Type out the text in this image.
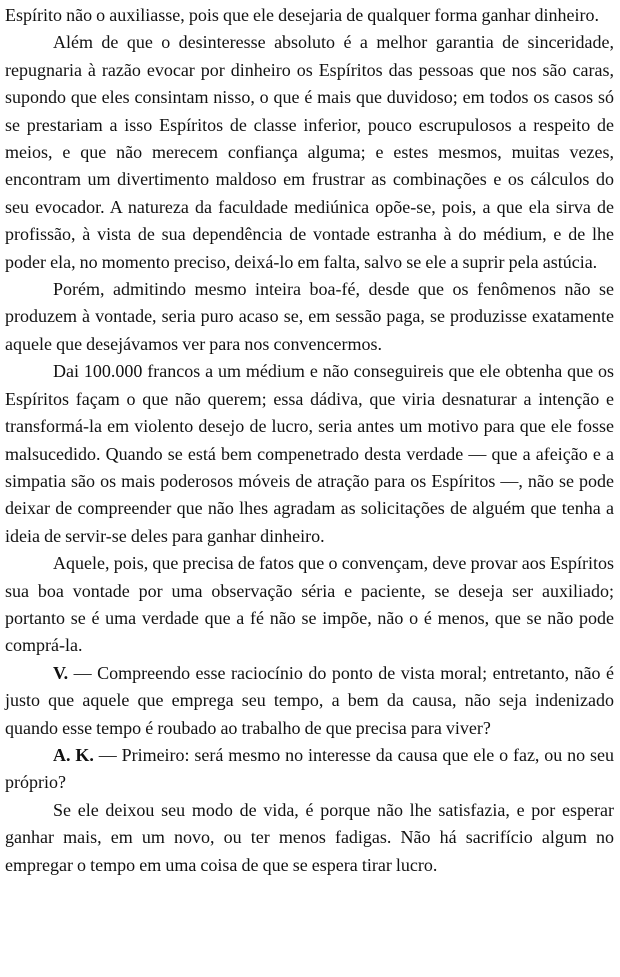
Espírito não o auxiliasse, pois que ele desejaria de qualquer forma ganhar dinheiro.

Além de que o desinteresse absoluto é a melhor garantia de sinceridade, repugnaria à razão evocar por dinheiro os Espíritos das pessoas que nos são caras, supondo que eles consintam nisso, o que é mais que duvidoso; em todos os casos só se prestariam a isso Espíritos de classe inferior, pouco escrupulosos a respeito de meios, e que não merecem confiança alguma; e estes mesmos, muitas vezes, encontram um divertimento maldoso em frustrar as combinações e os cálculos do seu evocador. A natureza da faculdade mediúnica opõe-se, pois, a que ela sirva de profissão, à vista de sua dependência de vontade estranha à do médium, e de lhe poder ela, no momento preciso, deixá-lo em falta, salvo se ele a suprir pela astúcia.

Porém, admitindo mesmo inteira boa-fé, desde que os fenômenos não se produzem à vontade, seria puro acaso se, em sessão paga, se produzisse exatamente aquele que desejávamos ver para nos convencermos.

Dai 100.000 francos a um médium e não conseguireis que ele obtenha que os Espíritos façam o que não querem; essa dádiva, que viria desnaturar a intenção e transformá-la em violento desejo de lucro, seria antes um motivo para que ele fosse malsucedido. Quando se está bem compenetrado desta verdade — que a afeição e a simpatia são os mais poderosos móveis de atração para os Espíritos —, não se pode deixar de compreender que não lhes agradam as solicitações de alguém que tenha a ideia de servir-se deles para ganhar dinheiro.

Aquele, pois, que precisa de fatos que o convençam, deve provar aos Espíritos sua boa vontade por uma observação séria e paciente, se deseja ser auxiliado; portanto se é uma verdade que a fé não se impõe, não o é menos, que se não pode comprá-la.

V. — Compreendo esse raciocínio do ponto de vista moral; entretanto, não é justo que aquele que emprega seu tempo, a bem da causa, não seja indenizado quando esse tempo é roubado ao trabalho de que precisa para viver?

A. K. — Primeiro: será mesmo no interesse da causa que ele o faz, ou no seu próprio?

Se ele deixou seu modo de vida, é porque não lhe satisfazia, e por esperar ganhar mais, em um novo, ou ter menos fadigas. Não há sacrifício algum no empregar o tempo em uma coisa de que se espera tirar lucro.
